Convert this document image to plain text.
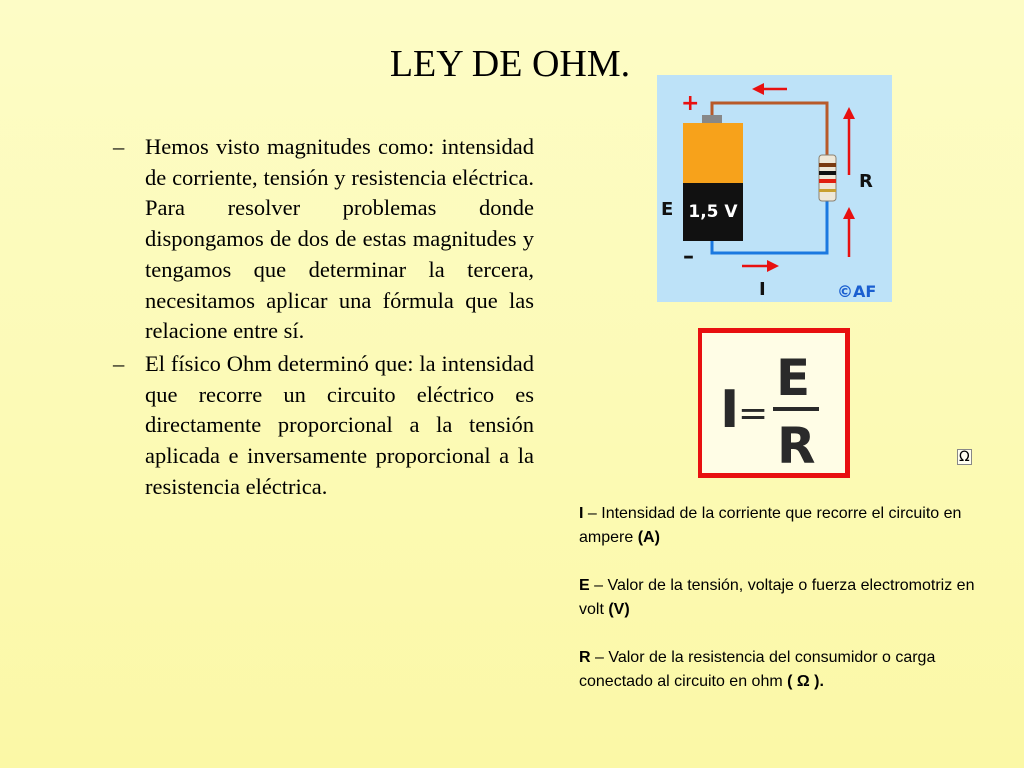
LEY DE OHM.
– Hemos visto magnitudes como: intensidad de corriente, tensión y resistencia eléctrica. Para resolver problemas donde dispongamos de dos de estas magnitudes y tengamos que determinar la tercera, necesitamos aplicar una fórmula que las relacione entre sí.
– El físico Ohm determinó que: la intensidad que recorre un circuito eléctrico es directamente proporcional a la tensión aplicada e inversamente proporcional a la resistencia eléctrica.
1,5 V
+
–
E
R
I	©AF
I
=
E
R	Ω

I – Intensidad de la corriente que recorre el circuito en ampere (A)

E – Valor de la tensión, voltaje o fuerza electromotriz en volt (V)

R – Valor de la resistencia del consumidor o carga conectado al circuito en ohm ( Ω ).
